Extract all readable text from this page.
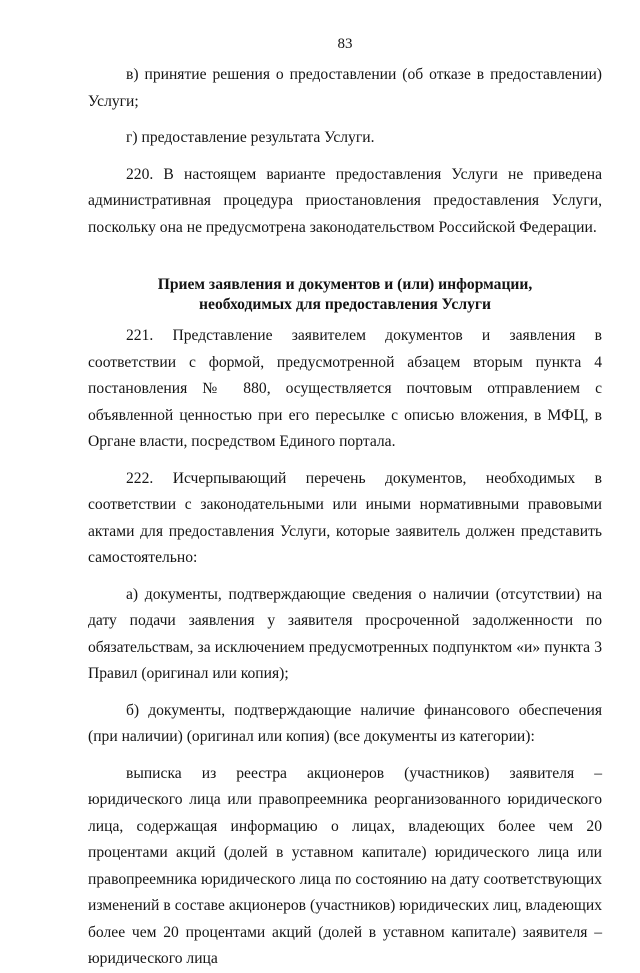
83

в) принятие решения о предоставлении (об отказе в предоставлении) Услуги;

г) предоставление результата Услуги.

220. В настоящем варианте предоставления Услуги не приведена административная процедура приостановления предоставления Услуги, поскольку она не предусмотрена законодательством Российской Федерации.

Прием заявления и документов и (или) информации,
необходимых для предоставления Услуги

221. Представление заявителем документов и заявления в соответствии с формой, предусмотренной абзацем вторым пункта 4 постановления № 880, осуществляется почтовым отправлением с объявленной ценностью при его пересылке с описью вложения, в МФЦ, в Органе власти, посредством Единого портала.

222. Исчерпывающий перечень документов, необходимых в соответствии с законодательными или иными нормативными правовыми актами для предоставления Услуги, которые заявитель должен представить самостоятельно:

а) документы, подтверждающие сведения о наличии (отсутствии) на дату подачи заявления у заявителя просроченной задолженности по обязательствам, за исключением предусмотренных подпунктом «и» пункта 3 Правил (оригинал или копия);

б) документы, подтверждающие наличие финансового обеспечения (при наличии) (оригинал или копия) (все документы из категории):

выписка из реестра акционеров (участников) заявителя – юридического лица или правопреемника реорганизованного юридического лица, содержащая информацию о лицах, владеющих более чем 20 процентами акций (долей в уставном капитале) юридического лица или правопреемника юридического лица по состоянию на дату соответствующих изменений в составе акционеров (участников) юридических лиц, владеющих более чем 20 процентами акций (долей в уставном капитале) заявителя – юридического лица
